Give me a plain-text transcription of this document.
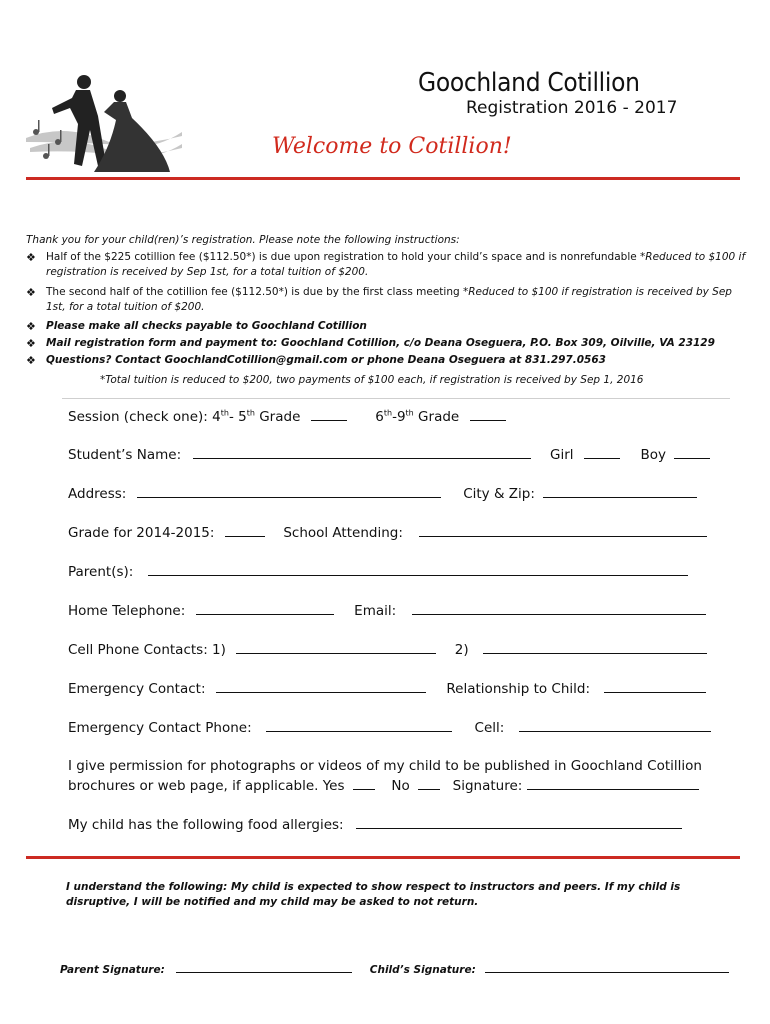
Goochland Cotillion
Registration 2016 - 2017
Welcome to Cotillion!
Thank you for your child(ren)’s registration. Please note the following instructions:
❖ Half of the $225 cotillion fee ($112.50*) is due upon registration to hold your child’s space and is nonrefundable *Reduced to $100 if registration is received by Sep 1st, for a total tuition of $200.
❖ The second half of the cotillion fee ($112.50*) is due by the first class meeting *Reduced to $100 if registration is received by Sep 1st, for a total tuition of $200.
❖ Please make all checks payable to Goochland Cotillion
❖ Mail registration form and payment to: Goochland Cotillion, c/o Deana Oseguera, P.O. Box 309, Oilville, VA 23129
❖ Questions? Contact GoochlandCotillion@gmail.com or phone Deana Oseguera at 831.297.0563
*Total tuition is reduced to $200, two payments of $100 each, if registration is received by Sep 1, 2016
Session (check one): 4th- 5th Grade	6th-9th Grade
Student’s Name:	Girl	Boy
Address:	City & Zip:
Grade for 2014-2015:	School Attending:
Parent(s):
Home Telephone:	Email:
Cell Phone Contacts: 1)	2)
Emergency Contact:	Relationship to Child:
Emergency Contact Phone:	Cell:
I give permission for photographs or videos of my child to be published in Goochland Cotillion
brochures or web page, if applicable. Yes	No	Signature:
My child has the following food allergies:
I understand the following: My child is expected to show respect to instructors and peers. If my child is disruptive, I will be notified and my child may be asked to not return.
Parent Signature:	Child’s Signature:
